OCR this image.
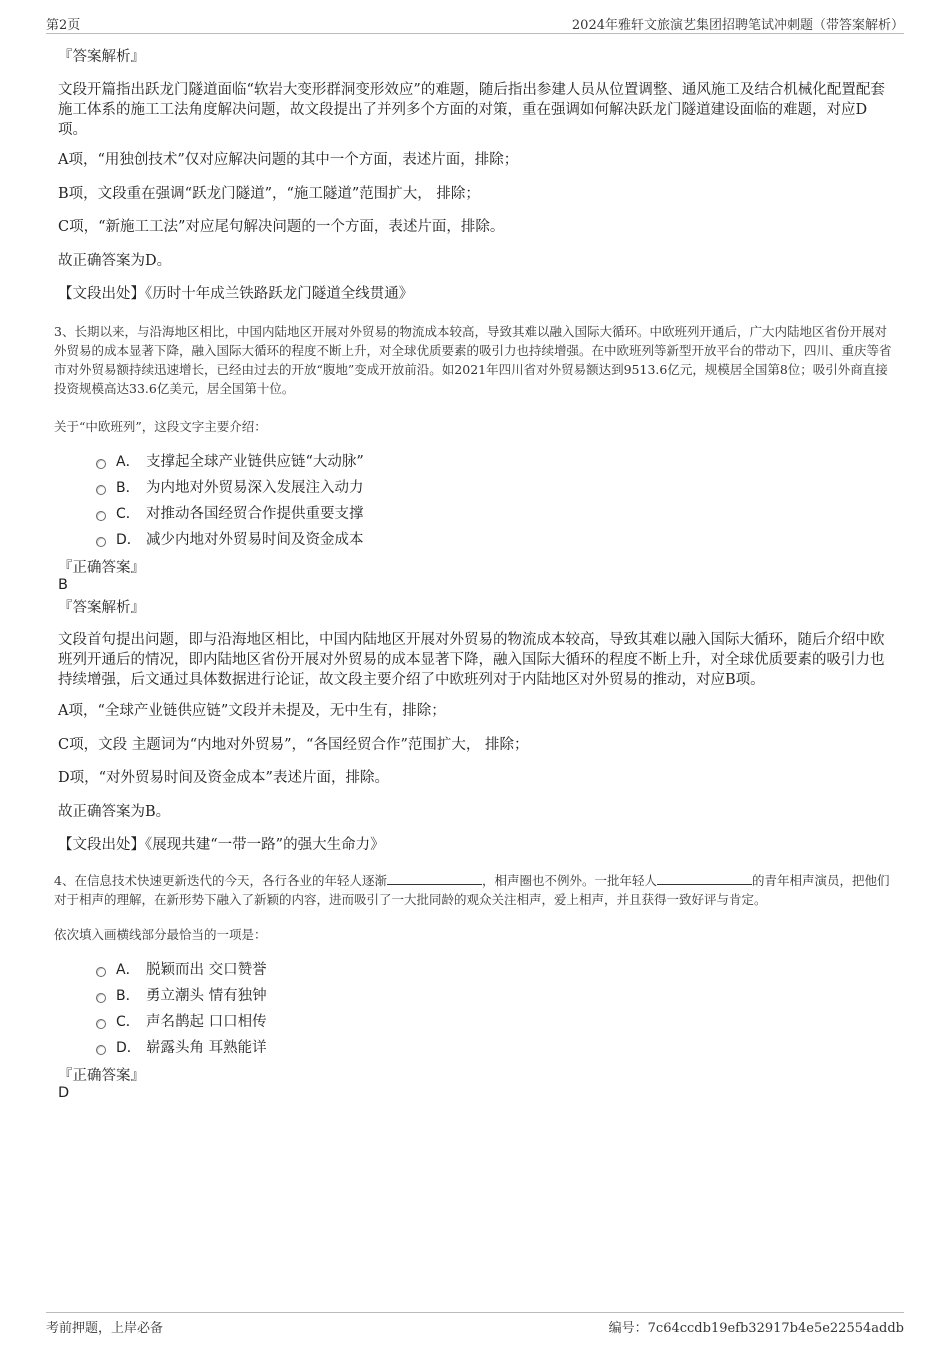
第2页	2024年雅轩文旅演艺集团招聘笔试冲刺题（带答案解析）
『答案解析』
文段开篇指出跃龙门隧道面临“软岩大变形群洞变形效应”的难题，随后指出参建人员从位置调整、通风施工及结合机械化配置配套施工体系的施工工法角度解决问题，故文段提出了并列多个方面的对策，重在强调如何解决跃龙门隧道建设面临的难题，对应D项。
A项，“用独创技术”仅对应解决问题的其中一个方面，表述片面，排除；
B项，文段重在强调“跃龙门隧道”，“施工隧道”范围扩大， 排除；
C项，“新施工工法”对应尾句解决问题的一个方面，表述片面，排除。
故正确答案为D。
【文段出处】《历时十年成兰铁路跃龙门隧道全线贯通》
3、长期以来，与沿海地区相比，中国内陆地区开展对外贸易的物流成本较高，导致其难以融入国际大循环。中欧班列开通后，广大内陆地区省份开展对外贸易的成本显著下降，融入国际大循环的程度不断上升，对全球优质要素的吸引力也持续增强。在中欧班列等新型开放平台的带动下，四川、重庆等省市对外贸易额持续迅速增长，已经由过去的开放“腹地”变成开放前沿。如2021年四川省对外贸易额达到9513.6亿元，规模居全国第8位；吸引外商直接投资规模高达33.6亿美元，居全国第十位。
关于“中欧班列”，这段文字主要介绍：
A． 支撑起全球产业链供应链“大动脉”
B． 为内地对外贸易深入发展注入动力
C． 对推动各国经贸合作提供重要支撑
D． 减少内地对外贸易时间及资金成本
『正确答案』
B
『答案解析』
文段首句提出问题，即与沿海地区相比，中国内陆地区开展对外贸易的物流成本较高，导致其难以融入国际大循环，随后介绍中欧班列开通后的情况，即内陆地区省份开展对外贸易的成本显著下降，融入国际大循环的程度不断上升，对全球优质要素的吸引力也持续增强，后文通过具体数据进行论证，故文段主要介绍了中欧班列对于内陆地区对外贸易的推动，对应B项。
A项，“全球产业链供应链”文段并未提及，无中生有，排除；
C项，文段 主题词为“内地对外贸易”，“各国经贸合作”范围扩大， 排除；
D项，“对外贸易时间及资金成本”表述片面，排除。
故正确答案为B。
【文段出处】《展现共建“一带一路”的强大生命力》
4、在信息技术快速更新迭代的今天，各行各业的年轻人逐渐	，相声圈也不例外。一批年轻人	的青年相声演员，把他们对于相声的理解，在新形势下融入了新颖的内容，进而吸引了一大批同龄的观众关注相声，爱上相声，并且获得一致好评与肯定。
依次填入画横线部分最恰当的一项是：
A． 脱颖而出 交口赞誉
B． 勇立潮头 情有独钟
C． 声名鹊起 口口相传
D． 崭露头角 耳熟能详
『正确答案』
D
考前押题，上岸必备	编号：7c64ccdb19efb32917b4e5e22554addb
